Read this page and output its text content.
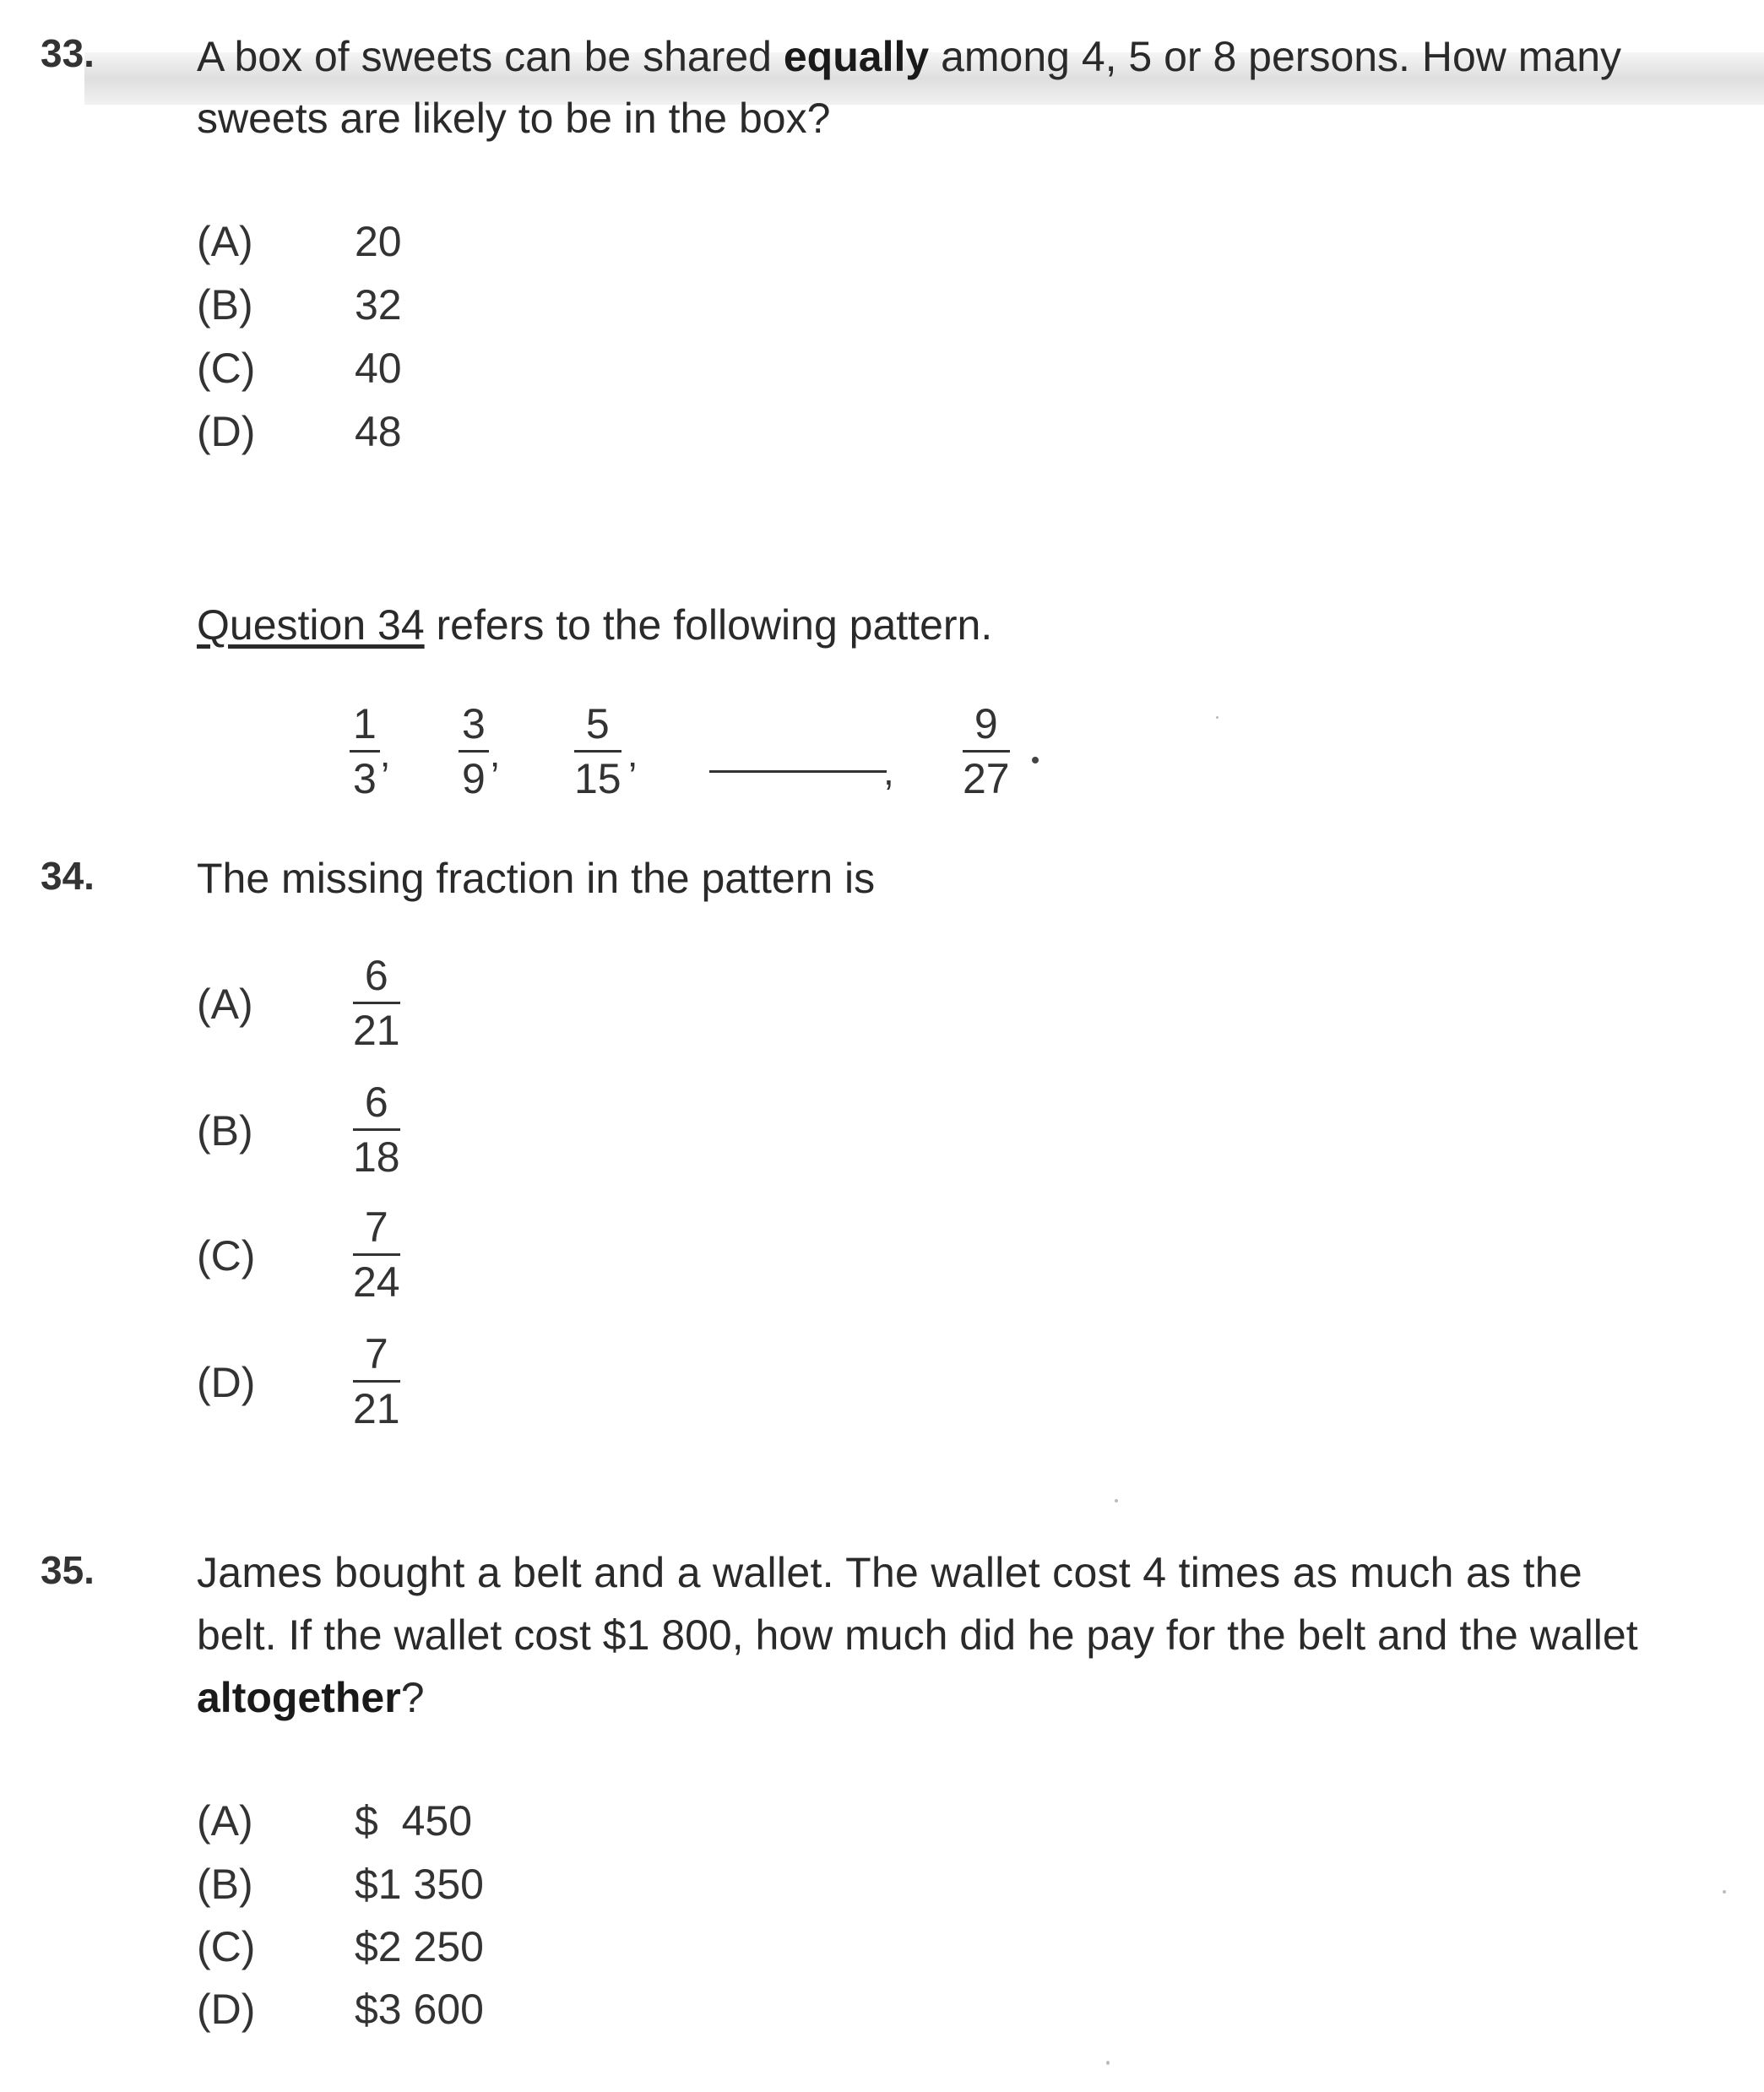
33. A box of sweets can be shared equally among 4, 5 or 8 persons. How many
sweets are likely to be in the box?
(A) 20
(B) 32
(C) 40
(D) 48
Question 34 refers to the following pattern.
1
3 ’
3
9 ’
5
15 ’	,
9
27
34. The missing fraction in the pattern is
(A)
6
21
(B)
6
18
(C)
7
24
(D)
7
21
35. James bought a belt and a wallet. The wallet cost 4 times as much as the
belt. If the wallet cost $1 800, how much did he pay for the belt and the wallet
altogether?
(A) $  450
(B) $1 350
(C) $2 250
(D) $3 600
